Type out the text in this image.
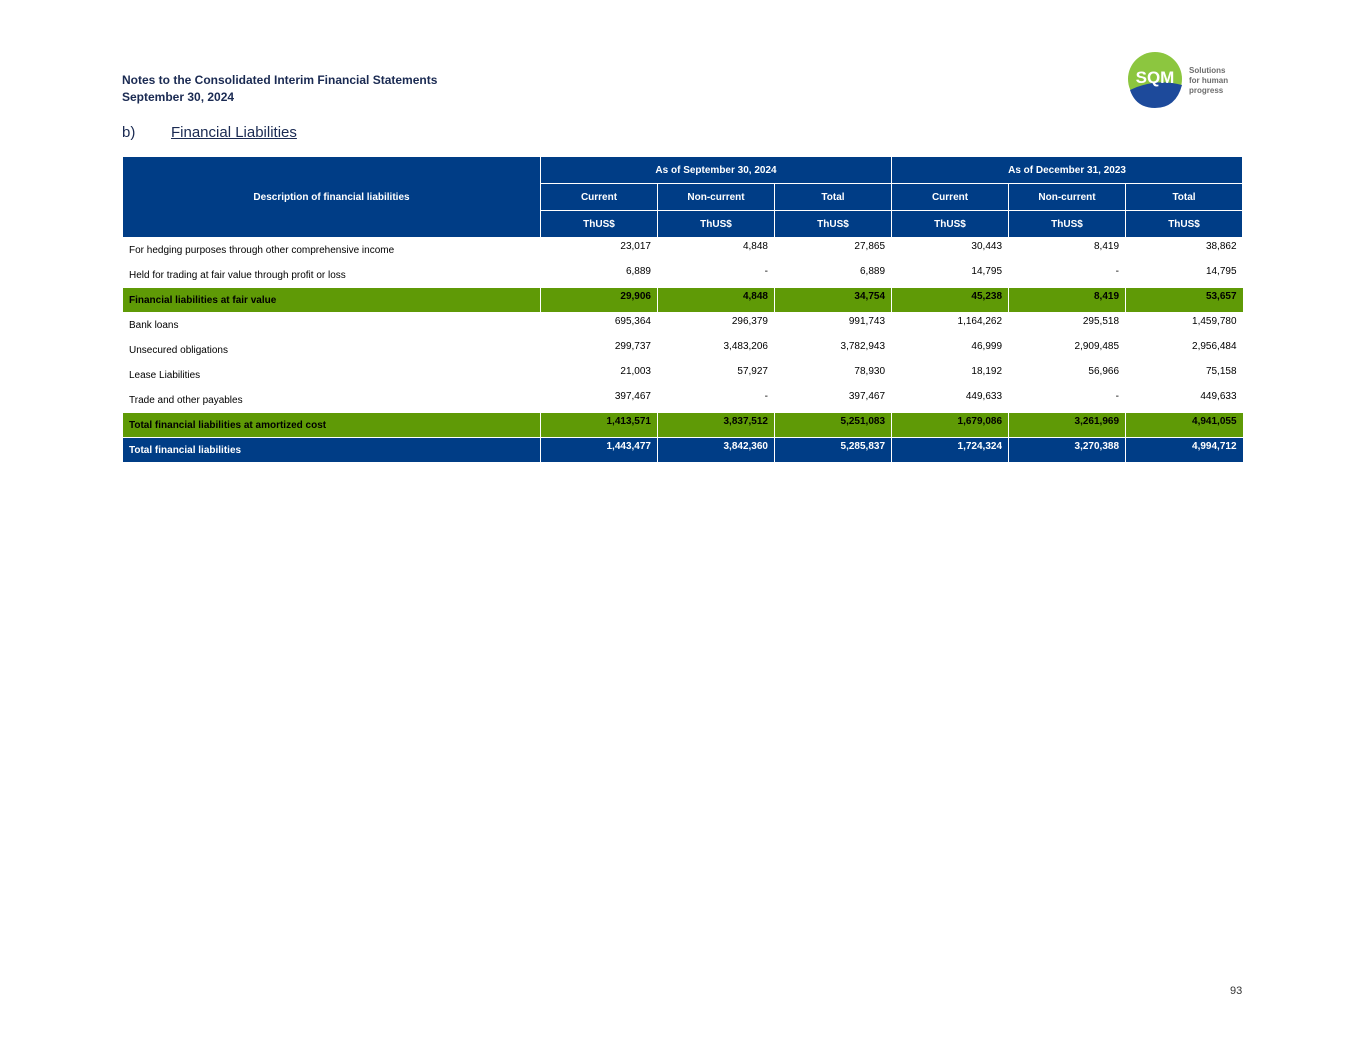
Notes to the Consolidated Interim Financial Statements
September 30, 2024
SQM Solutions
for human
progress
b) Financial Liabilities
Description of financial liabilities	As of September 30, 2024			As of December 31, 2023		
	Current	Non-current	Total	Current	Non-current	Total
	ThUS$	ThUS$	ThUS$	ThUS$	ThUS$	ThUS$
For hedging purposes through other comprehensive income	23,017	4,848	27,865	30,443	8,419	38,862
Held for trading at fair value through profit or loss	6,889	-	6,889	14,795	-	14,795
Financial liabilities at fair value	29,906	4,848	34,754	45,238	8,419	53,657
Bank loans	695,364	296,379	991,743	1,164,262	295,518	1,459,780
Unsecured obligations	299,737	3,483,206	3,782,943	46,999	2,909,485	2,956,484
Lease Liabilities	21,003	57,927	78,930	18,192	56,966	75,158
Trade and other payables	397,467	-	397,467	449,633	-	449,633
Total financial liabilities at amortized cost	1,413,571	3,837,512	5,251,083	1,679,086	3,261,969	4,941,055
Total financial liabilities	1,443,477	3,842,360	5,285,837	1,724,324	3,270,388	4,994,712
93
